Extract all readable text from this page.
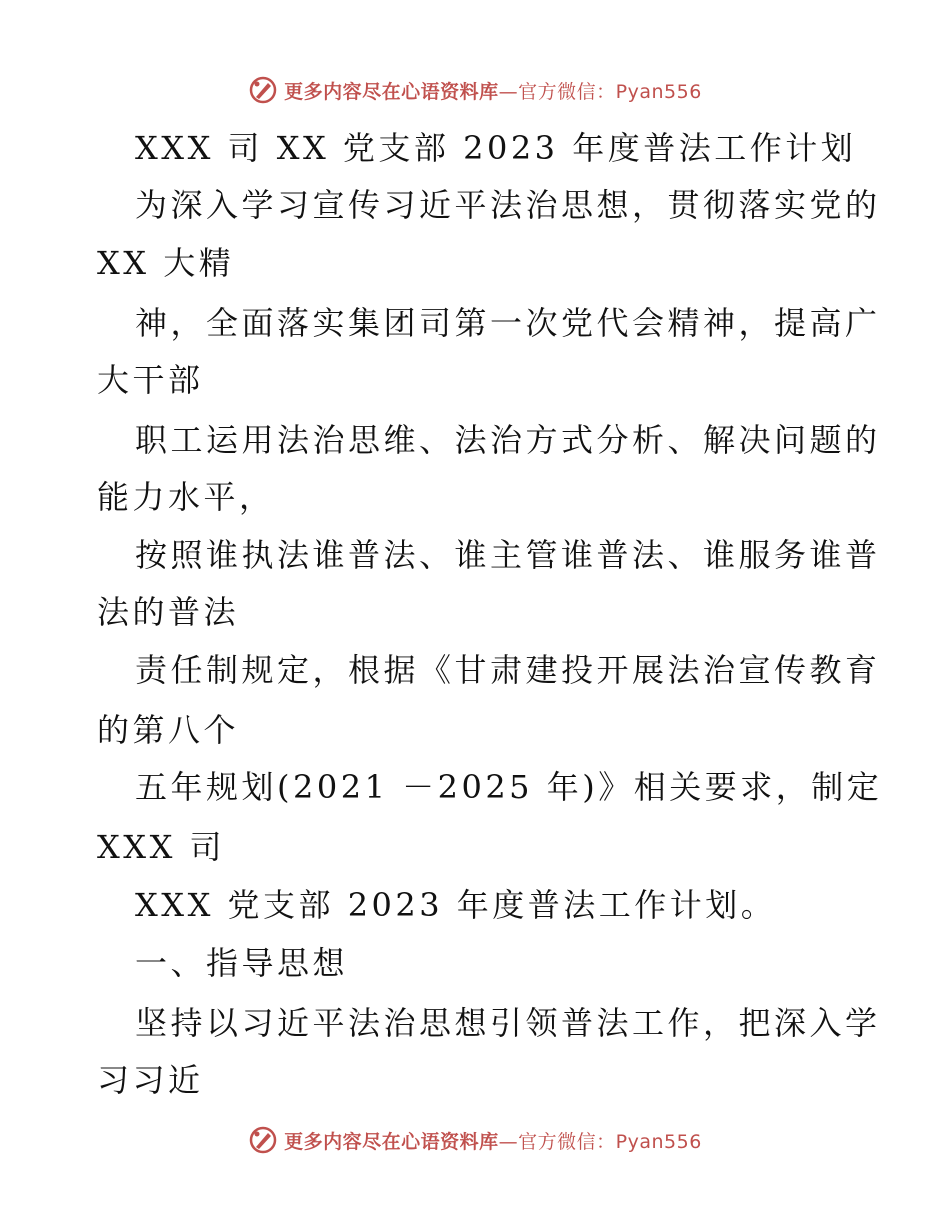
更多内容尽在心语资料库—官方微信：Pyan556
XXX 司 XX 党支部 2023 年度普法工作计划
为深入学习宣传习近平法治思想，贯彻落实党的
XX 大精
神，全面落实集团司第一次党代会精神，提高广
大干部
职工运用法治思维、法治方式分析、解决问题的
能力水平，
按照谁执法谁普法、谁主管谁普法、谁服务谁普
法的普法
责任制规定，根据《甘肃建投开展法治宣传教育
的第八个
五年规划(2021 －2025 年)》相关要求，制定
XXX 司
XXX 党支部 2023 年度普法工作计划。
一、指导思想
坚持以习近平法治思想引领普法工作，把深入学
习习近
更多内容尽在心语资料库—官方微信：Pyan556
